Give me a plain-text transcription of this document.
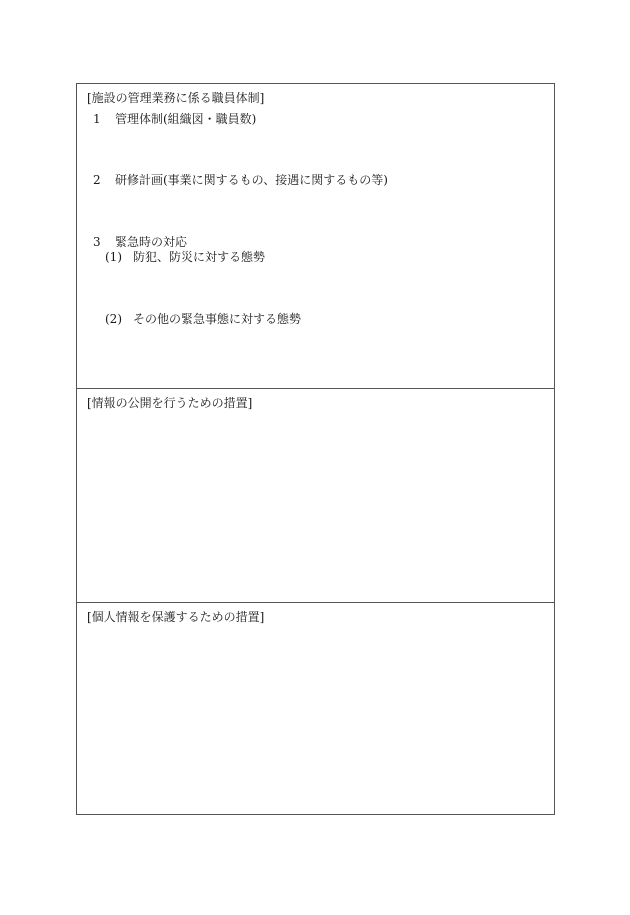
[施設の管理業務に係る職員体制]
1 管理体制(組織図・職員数)
2 研修計画(事業に関するもの、接遇に関するもの等)
3 緊急時の対応
(1) 防犯、防災に対する態勢
(2) その他の緊急事態に対する態勢
[情報の公開を行うための措置]
[個人情報を保護するための措置]
